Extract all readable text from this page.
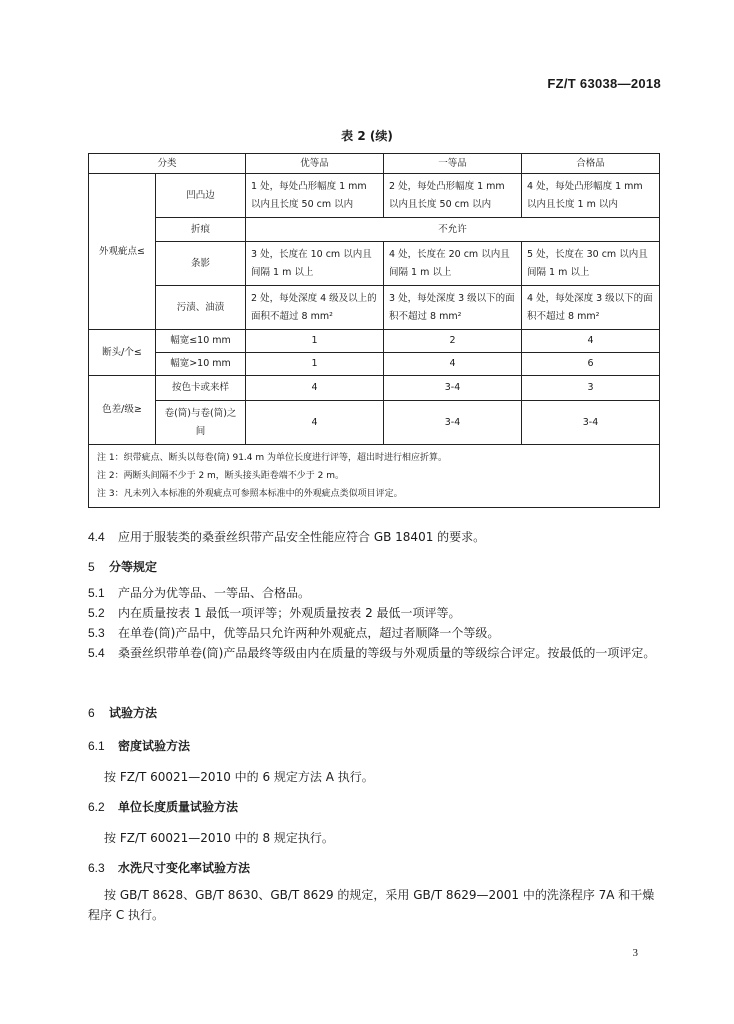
FZ/T 63038—2018
表 2 (续)
分类		优等品	一等品	合格品
外观疵点≤	凹凸边	1 处，每处凸形幅度 1 mm 以内且长度 50 cm 以内	2 处，每处凸形幅度 1 mm 以内且长度 50 cm 以内	4 处，每处凸形幅度 1 mm 以内且长度 1 m 以内
	折痕	不允许		
	条影	3 处，长度在 10 cm 以内且间隔 1 m 以上	4 处，长度在 20 cm 以内且间隔 1 m 以上	5 处，长度在 30 cm 以内且间隔 1 m 以上
	污渍、油渍	2 处，每处深度 4 级及以上的面积不超过 8 mm²	3 处，每处深度 3 级以下的面积不超过 8 mm²	4 处，每处深度 3 级以下的面积不超过 8 mm²
断头/个≤	幅宽≤10 mm	1	2	4
	幅宽>10 mm	1	4	6
色差/级≥	按色卡或来样	4	3-4	3
	卷(筒)与卷(筒)之间	4	3-4	3-4

注 1：织带疵点、断头以每卷(筒) 91.4 m 为单位长度进行评等，超出时进行相应折算。
注 2：两断头间隔不少于 2 m，断头接头距卷端不少于 2 m。
注 3：凡未列入本标准的外观疵点可参照本标准中的外观疵点类似项目评定。				
4.4 应用于服装类的桑蚕丝织带产品安全性能应符合 GB 18401 的要求。
5 分等规定
5.1 产品分为优等品、一等品、合格品。
5.2 内在质量按表 1 最低一项评等；外观质量按表 2 最低一项评等。
5.3 在单卷(筒)产品中，优等品只允许两种外观疵点，超过者顺降一个等级。
5.4 桑蚕丝织带单卷(筒)产品最终等级由内在质量的等级与外观质量的等级综合评定。按最低的一项评定。
6 试验方法
6.1 密度试验方法
按 FZ/T 60021—2010 中的 6 规定方法 A 执行。
6.2 单位长度质量试验方法
按 FZ/T 60021—2010 中的 8 规定执行。
6.3 水洗尺寸变化率试验方法
按 GB/T 8628、GB/T 8630、GB/T 8629 的规定，采用 GB/T 8629—2001 中的洗涤程序 7A 和干燥程序 C 执行。
3
